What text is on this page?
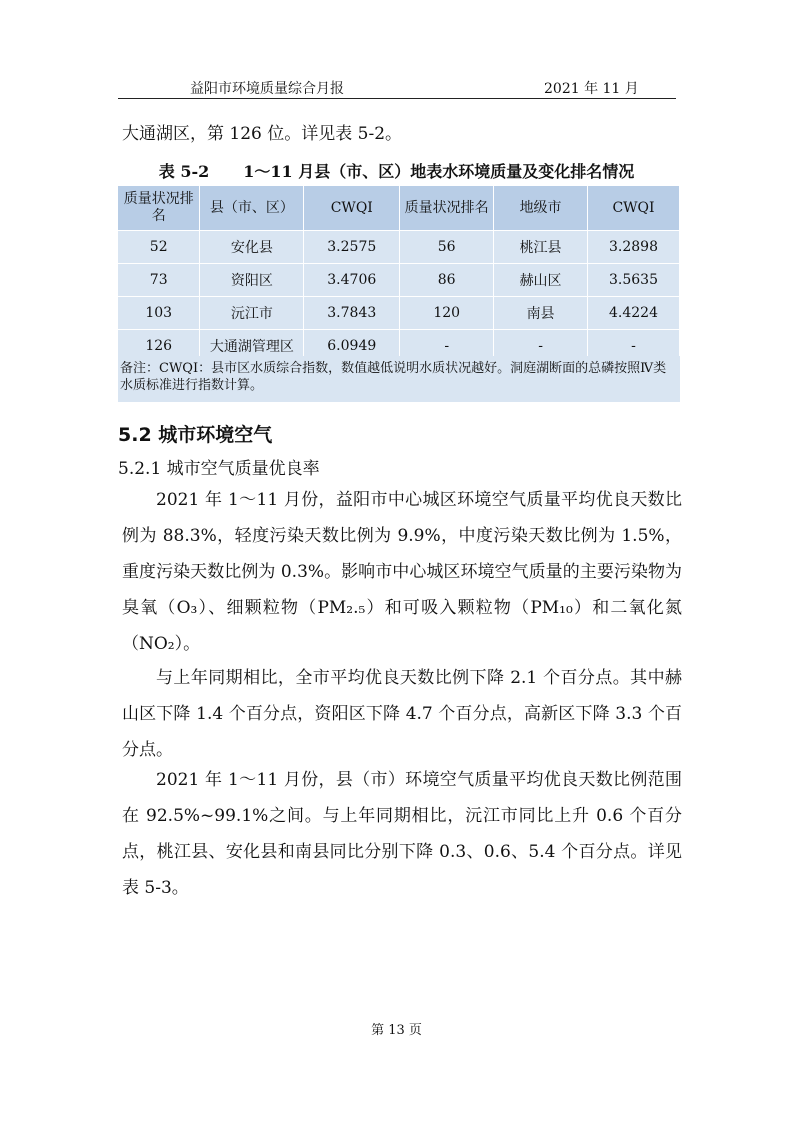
益阳市环境质量综合月报	2021 年 11 月
大通湖区，第 126 位。详见表 5-2。
表 5-2 1～11 月县（市、区）地表水环境质量及变化排名情况
质量状况排名	县（市、区）	CWQI	质量状况排名	地级市	CWQI
52	安化县	3.2575	56	桃江县	3.2898
73	资阳区	3.4706	86	赫山区	3.5635
103	沅江市	3.7843	120	南县	4.4224
126	大通湖管理区	6.0949	-	-	-
备注：CWQI：县市区水质综合指数，数值越低说明水质状况越好。洞庭湖断面的总磷按照Ⅳ类水质标准进行指数计算。
5.2 城市环境空气
5.2.1 城市空气质量优良率
2021 年 1～11 月份，益阳市中心城区环境空气质量平均优良天数比例为 88.3%，轻度污染天数比例为 9.9%，中度污染天数比例为 1.5%，重度污染天数比例为 0.3%。影响市中心城区环境空气质量的主要污染物为臭氧（O₃）、细颗粒物（PM₂.₅）和可吸入颗粒物（PM₁₀）和二氧化氮（NO₂）。
与上年同期相比，全市平均优良天数比例下降 2.1 个百分点。其中赫山区下降 1.4 个百分点，资阳区下降 4.7 个百分点，高新区下降 3.3 个百分点。
2021 年 1～11 月份，县（市）环境空气质量平均优良天数比例范围在 92.5%~99.1%之间。与上年同期相比，沅江市同比上升 0.6 个百分点，桃江县、安化县和南县同比分别下降 0.3、0.6、5.4 个百分点。详见表 5-3。
第 13 页
